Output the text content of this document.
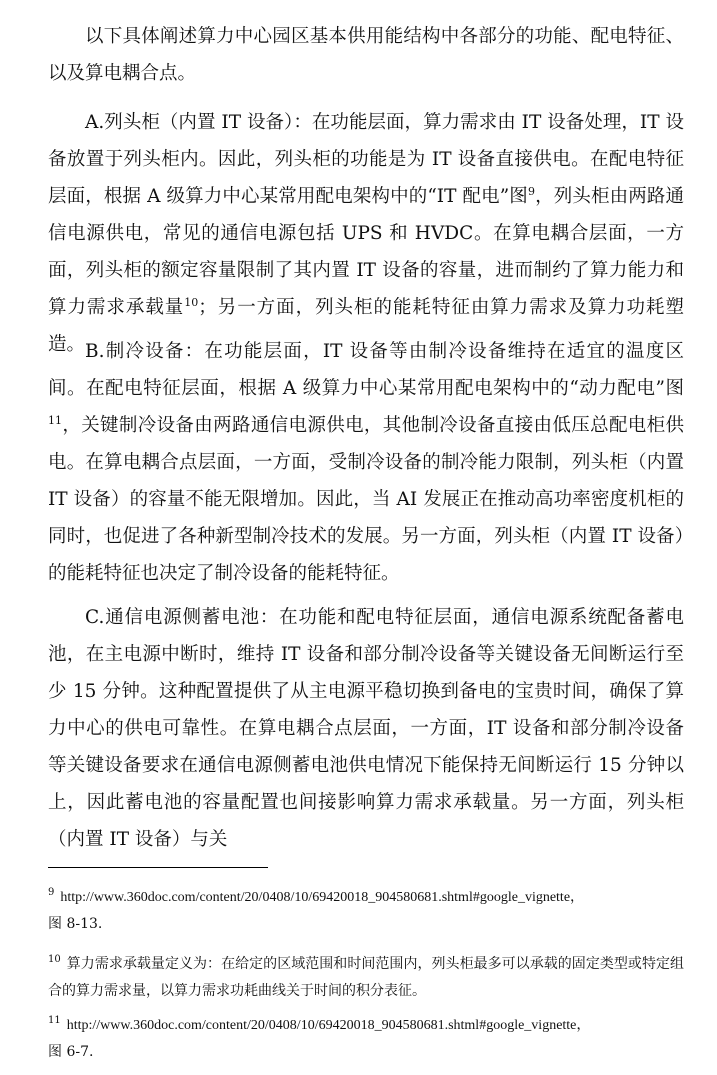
以下具体阐述算力中心园区基本供用能结构中各部分的功能、配电特征、以及算电耦合点。

A.列头柜（内置 IT 设备）：在功能层面，算力需求由 IT 设备处理，IT 设备放置于列头柜内。因此，列头柜的功能是为 IT 设备直接供电。在配电特征层面，根据 A 级算力中心某常用配电架构中的“IT 配电”图$^9$，列头柜由两路通信电源供电，常见的通信电源包括 UPS 和 HVDC。在算电耦合层面，一方面，列头柜的额定容量限制了其内置 IT 设备的容量，进而制约了算力能力和算力需求承载量$^{10}$；另一方面，列头柜的能耗特征由算力需求及算力功耗塑造。 B.制冷设备：在功能层面，IT 设备等由制冷设备维持在适宜的温度区间。在配电特征层面，根据 A 级算力中心某常用配电架构中的“动力配电”图$^{11}$，关键制冷设备由两路通信电源供电，其他制冷设备直接由低压总配电柜供电。在算电耦合点层面，一方面，受制冷设备的制冷能力限制，列头柜（内置 IT 设备）的容量不能无限增加。因此，当 AI 发展正在推动高功率密度机柜的同时，也促进了各种新型制冷技术的发展。另一方面，列头柜（内置 IT 设备）的能耗特征也决定了制冷设备的能耗特征。

C.通信电源侧蓄电池：在功能和配电特征层面，通信电源系统配备蓄电池，在主电源中断时，维持 IT 设备和部分制冷设备等关键设备无间断运行至少 15 分钟。这种配置提供了从主电源平稳切换到备电的宝贵时间，确保了算力中心的供电可靠性。在算电耦合点层面，一方面，IT 设备和部分制冷设备等关键设备要求在通信电源侧蓄电池供电情况下能保持无间断运行 15 分钟以上，因此蓄电池的容量配置也间接影响算力需求承载量。另一方面，列头柜（内置 IT 设备）与关

$^9$ http://www.360doc.com/content/20/0408/10/69420018_904580681.shtml#google_vignette，
图 8-13.

$^{10}$ 算力需求承载量定义为：在给定的区域范围和时间范围内，列头柜最多可以承载的固定类型或特定组合的算力需求量，以算力需求功耗曲线关于时间的积分表征。

$^{11}$ http://www.360doc.com/content/20/0408/10/69420018_904580681.shtml#google_vignette，
图 6-7.
